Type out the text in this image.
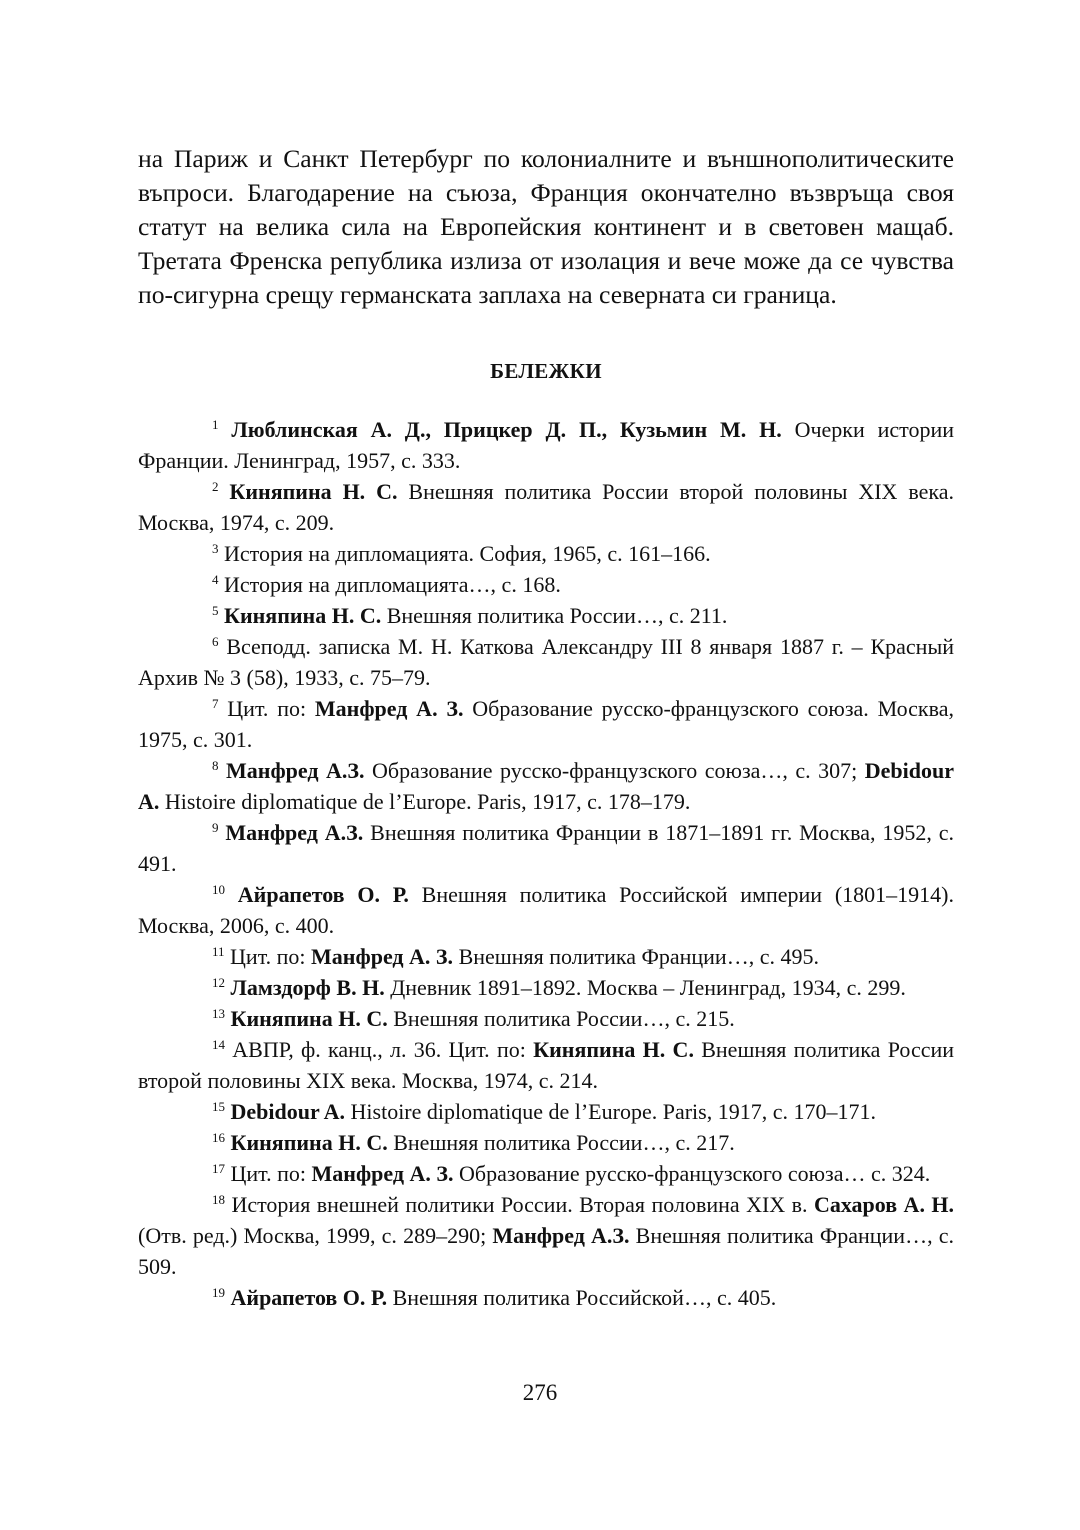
на Париж и Санкт Петербург по колониалните и външнополитическите въпроси. Благодарение на съюза, Франция окончателно възвръща своя статут на велика сила на Европейския континент и в световен мащаб. Третата Френска република излиза от изолация и вече може да се чувства по-сигурна срещу германската заплаха на северната си граница.

БЕЛЕЖКИ

$^1$ Люблинская А. Д., Прицкер Д. П., Кузьмин М. Н. Очерки истории Франции. Ленинград, 1957, с. 333.

$^2$ Киняпина Н. С. Внешняя политика России второй половины XIX века. Москва, 1974, с. 209.

$^3$ История на дипломацията. София, 1965, с. 161–166.

$^4$ История на дипломацията…, с. 168.

$^5$ Киняпина Н. С. Внешняя политика России…, с. 211.

$^6$ Всеподд. записка М. Н. Каткова Александру III 8 января 1887 г. – Красный Архив № 3 (58), 1933, с. 75–79.

$^7$ Цит. по: Манфред А. З. Образование русско-французского союза. Москва, 1975, с. 301.

$^8$ Манфред А.З. Образование русско-французского союза…, с. 307; Debidour A. Histoire diplomatique de l’Europe. Paris, 1917, c. 178–179.

$^9$ Манфред А.З. Внешняя политика Франции в 1871–1891 гг. Москва, 1952, с. 491.

$^{10}$ Айрапетов О. Р. Внешняя политика Российской империи (1801–1914). Москва, 2006, с. 400.

$^{11}$ Цит. по: Манфред А. З. Внешняя политика Франции…, с. 495.

$^{12}$ Ламздорф В. Н. Дневник 1891–1892. Москва – Ленинград, 1934, с. 299.

$^{13}$ Киняпина Н. С. Внешняя политика России…, с. 215.

$^{14}$ АВПР, ф. канц., л. 36. Цит. по: Киняпина Н. С. Внешняя политика России второй половины XIX века. Москва, 1974, с. 214.

$^{15}$ Debidour A. Histoire diplomatique de l’Europe. Paris, 1917, c. 170–171.

$^{16}$ Киняпина Н. С. Внешняя политика России…, с. 217.

$^{17}$ Цит. по: Манфред А. З. Образование русско-французского союза… с. 324.

$^{18}$ История внешней политики России. Вторая половина XIX в. Сахаров А. Н. (Отв. ред.) Москва, 1999, с. 289–290; Манфред А.З. Внешняя политика Франции…, с. 509.

$^{19}$ Айрапетов О. Р. Внешняя политика Российской…, с. 405.

276
